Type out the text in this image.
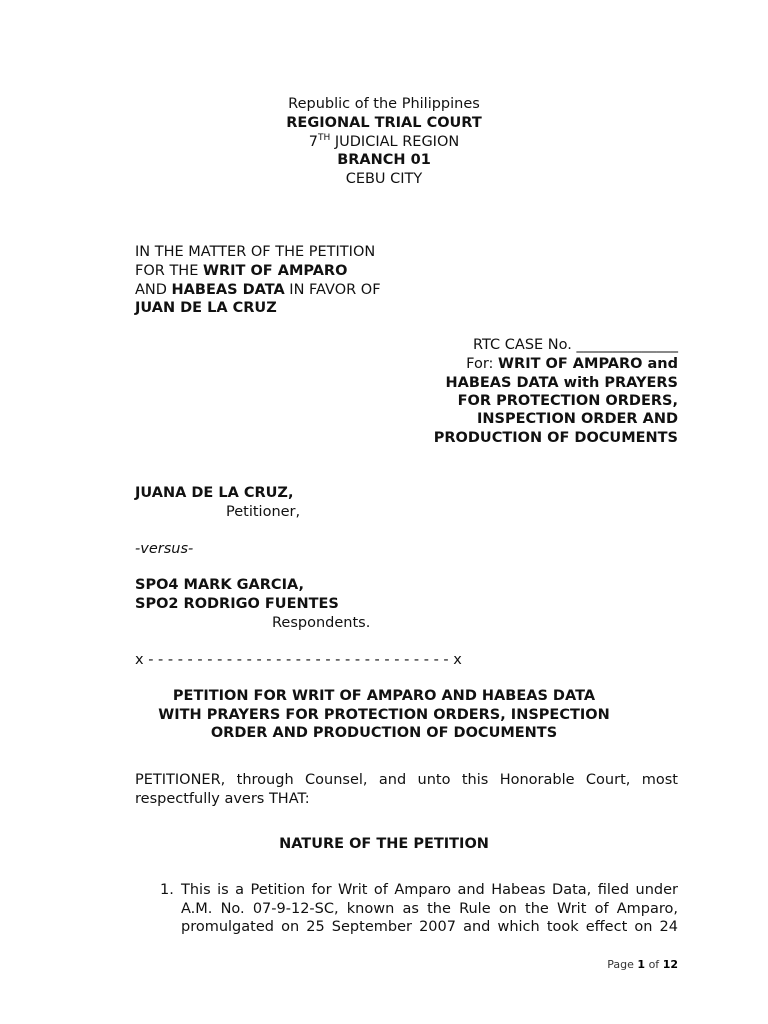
Republic of the Philippines
REGIONAL TRIAL COURT
7TH JUDICIAL REGION
BRANCH 01
CEBU CITY
IN THE MATTER OF THE PETITION
FOR THE WRIT OF AMPARO
AND HABEAS DATA IN FAVOR OF
JUAN DE LA CRUZ
RTC CASE No. ______________
For: WRIT OF AMPARO and
HABEAS DATA with PRAYERS
FOR PROTECTION ORDERS,
INSPECTION ORDER AND
PRODUCTION OF DOCUMENTS
JUANA DE LA CRUZ,
Petitioner,
-versus-
SPO4 MARK GARCIA,
SPO2 RODRIGO FUENTES
Respondents.
x - - - - - - - - - - - - - - - - - - - - - - - - - - - - - - - x
PETITION FOR WRIT OF AMPARO AND HABEAS DATA
WITH PRAYERS FOR PROTECTION ORDERS, INSPECTION
ORDER AND PRODUCTION OF DOCUMENTS
PETITIONER, through Counsel, and unto this Honorable Court, most
respectfully avers THAT:
NATURE OF THE PETITION
1. This is a Petition for Writ of Amparo and Habeas Data, filed under
A.M. No. 07-9-12-SC, known as the Rule on the Writ of Amparo,
promulgated on 25 September 2007 and which took effect on 24
Page 1 of 12
